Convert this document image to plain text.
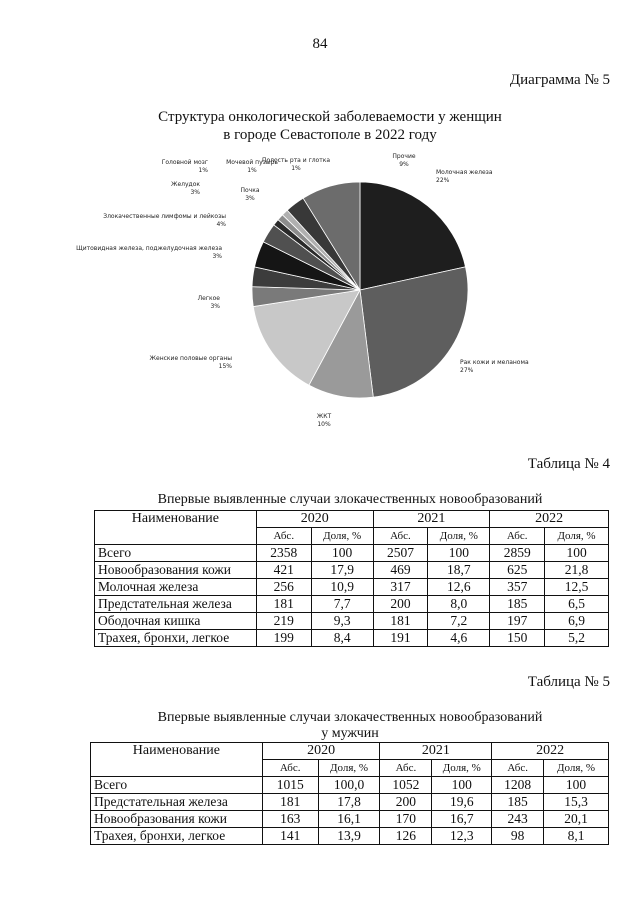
84
Диаграмма № 5
Структура онкологической заболеваемости у женщин
в городе Севастополе в 2022 году
Молочная железа
22%
Рак кожи и меланома
27%
ЖКТ
10%
Женские половые органы
15%
Легкое
3%
Щитовидная железа, поджелудочная железа
3%
Злокачественные лимфомы и лейкозы
4%
Желудок
3%
Головной мозг
1%
Мочевой пузырь
1%
Полость рта и глотка
1%
Почка
3%
Прочие
9%
Таблица № 4
Впервые выявленные случаи злокачественных новообразований
Наименование	2020		2021		2022	
	Абс.	Доля, %	Абс.	Доля, %	Абс.	Доля, %
Всего	2358	100	2507	100	2859	100
Новообразования кожи	421	17,9	469	18,7	625	21,8
Молочная железа	256	10,9	317	12,6	357	12,5
Предстательная железа	181	7,7	200	8,0	185	6,5
Ободочная кишка	219	9,3	181	7,2	197	6,9
Трахея, бронхи, легкое	199	8,4	191	4,6	150	5,2
Таблица № 5
Впервые выявленные случаи злокачественных новообразований
у мужчин
Наименование	2020		2021		2022	
	Абс.	Доля, %	Абс.	Доля, %	Абс.	Доля, %
Всего	1015	100,0	1052	100	1208	100
Предстательная железа	181	17,8	200	19,6	185	15,3
Новообразования кожи	163	16,1	170	16,7	243	20,1
Трахея, бронхи, легкое	141	13,9	126	12,3	98	8,1
